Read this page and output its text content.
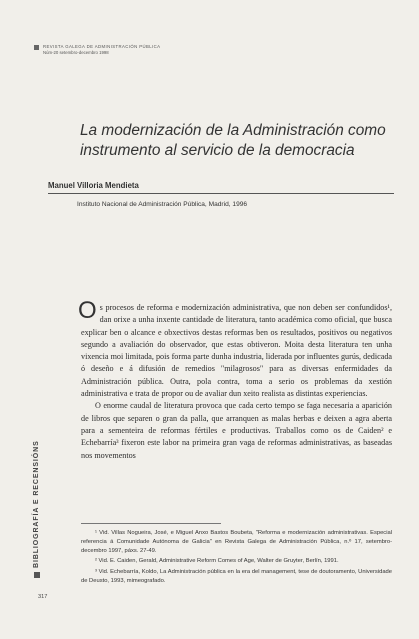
REVISTA GALEGA DE ADMINISTRACIÓN PÚBLICA
Núm-20 setembro-decembro 1998
La modernización de la Administración como
instrumento al servicio de la democracia
Manuel Villoria Mendieta
Instituto Nacional de Administración Pública, Madrid, 1996

Os procesos de reforma e modernización administrativa, que non deben ser confundidos¹, dan orixe a unha inxente cantidade de literatura, tanto académica como oficial, que busca explicar ben o alcance e obxectivos destas reformas ben os resultados, positivos ou negativos segundo a avaliación do observador, que estas obtiveron. Moita desta literatura ten unha vixencia moi limitada, pois forma parte dunha industria, liderada por influentes gurús, dedicada ó deseño e á difusión de remedios "milagrosos" para as diversas enfermidades da Administración pública. Outra, pola contra, toma a serio os problemas da xestión administrativa e trata de propor ou de avaliar dun xeito realista as distintas experiencias.

O enorme caudal de literatura provoca que cada certo tempo se faga necesaria a aparición de libros que separen o gran da palla, que arranquen as malas herbas e deixen a agra aberta para a sementeira de reformas fértiles e productivas. Traballos como os de Caiden² e Echebarría³ fixeron este labor na primeira gran vaga de reformas administrativas, as baseadas nos movementos

¹ Vid. Villas Nogueira, José, e Miguel Anxo Bastos Boubeta, "Reforma e modernización administrativas. Especial referencia á Comunidade Autónoma de Galicia" en Revista Galega de Administración Pública, n.º 17, setembro-decembro 1997, páxs. 27-49.

² Vid. E. Caiden, Gerald, Administrative Reform Comes of Age, Walter de Gruyter, Berlín, 1991.

³ Vid. Echebarría, Koldo, La Administración pública en la era del management, tese de doutoramento, Universidade de Deusto, 1993, mimeografado.

BIBLIOGRAFÍA E RECENSIÓNS
317
